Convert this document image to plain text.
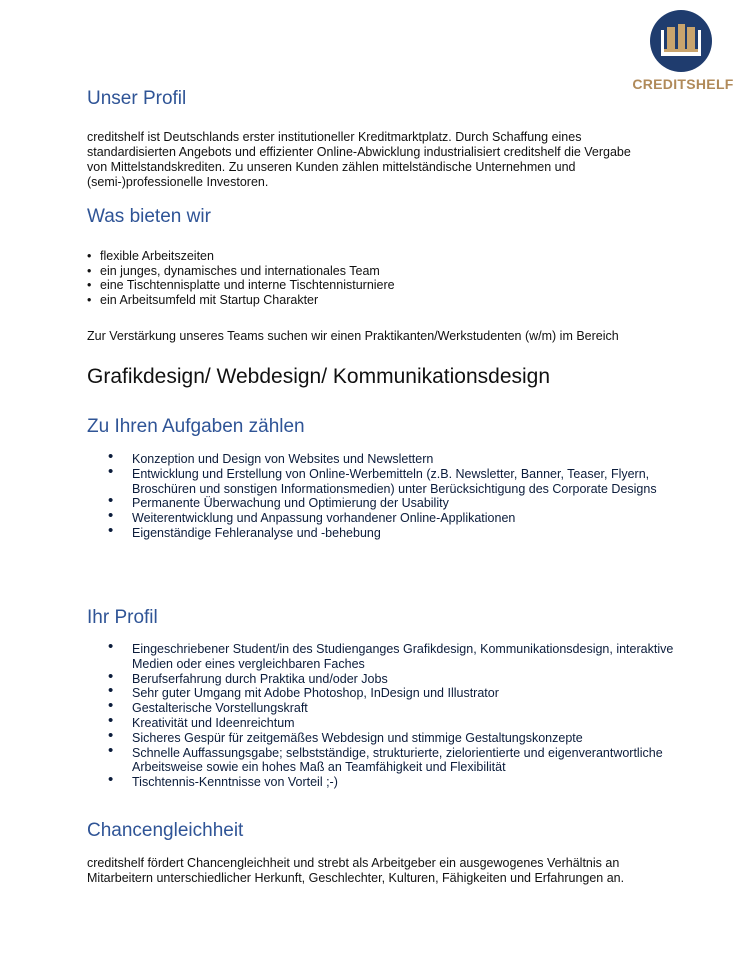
CREDITSHELF
Unser Profil

creditshelf ist Deutschlands erster institutioneller Kreditmarktplatz. Durch Schaffung eines standardisierten Angebots und effizienter Online-Abwicklung industrialisiert creditshelf die Vergabe von Mittelstandskrediten. Zu unseren Kunden zählen mittelständische Unternehmen und (semi-)professionelle Investoren.

Was bieten wir
• flexible Arbeitszeiten
• ein junges, dynamisches und internationales Team
• eine Tischtennisplatte und interne Tischtennisturniere
• ein Arbeitsumfeld mit Startup Charakter

Zur Verstärkung unseres Teams suchen wir einen Praktikanten/Werkstudenten (w/m) im Bereich

Grafikdesign/ Webdesign/ Kommunikationsdesign
Zu Ihren Aufgaben zählen
• Konzeption und Design von Websites und Newslettern
• Entwicklung und Erstellung von Online-Werbemitteln (z.B. Newsletter, Banner, Teaser, Flyern, Broschüren und sonstigen Informationsmedien) unter Berücksichtigung des Corporate Designs
• Permanente Überwachung und Optimierung der Usability
• Weiterentwicklung und Anpassung vorhandener Online-Applikationen
• Eigenständige Fehleranalyse und -behebung
Ihr Profil
• Eingeschriebener Student/in des Studienganges Grafikdesign, Kommunikationsdesign, interaktive Medien oder eines vergleichbaren Faches
• Berufserfahrung durch Praktika und/oder Jobs
• Sehr guter Umgang mit Adobe Photoshop, InDesign und Illustrator
• Gestalterische Vorstellungskraft
• Kreativität und Ideenreichtum
• Sicheres Gespür für zeitgemäßes Webdesign und stimmige Gestaltungskonzepte
• Schnelle Auffassungsgabe; selbstständige, strukturierte, zielorientierte und eigenverantwortliche Arbeitsweise sowie ein hohes Maß an Teamfähigkeit und Flexibilität
• Tischtennis-Kenntnisse von Vorteil ;-)
Chancengleichheit

creditshelf fördert Chancengleichheit und strebt als Arbeitgeber ein ausgewogenes Verhältnis an Mitarbeitern unterschiedlicher Herkunft, Geschlechter, Kulturen, Fähigkeiten und Erfahrungen an.
